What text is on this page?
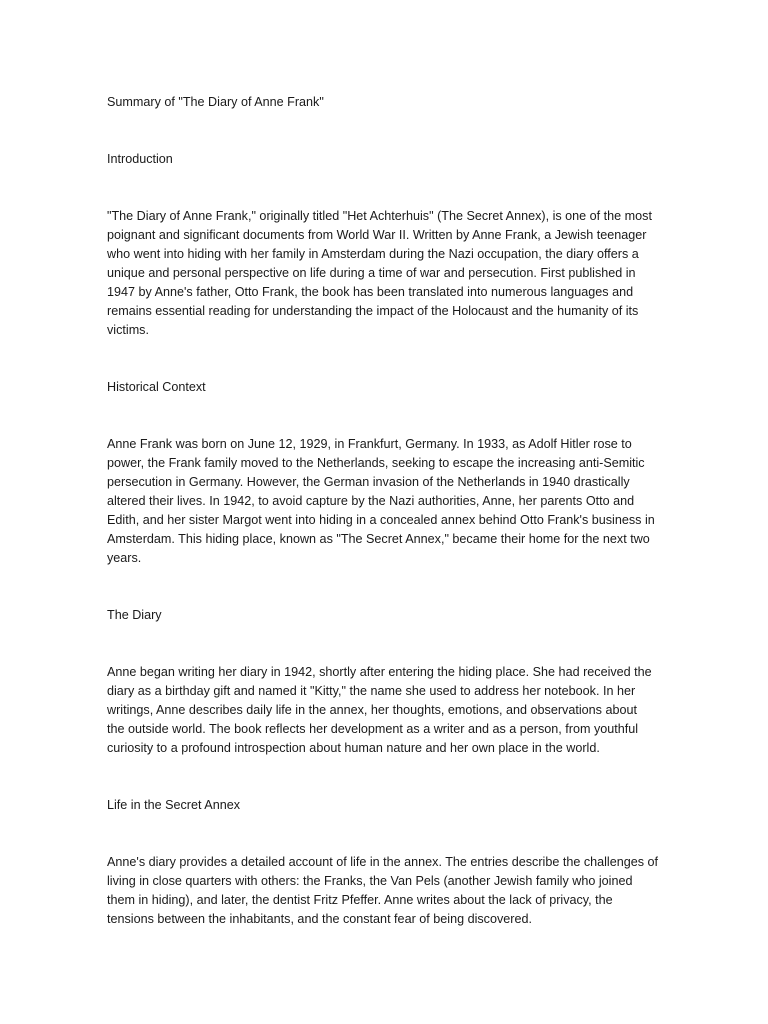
Summary of "The Diary of Anne Frank"

Introduction

"The Diary of Anne Frank," originally titled "Het Achterhuis" (The Secret Annex), is one of the most

poignant and significant documents from World War II. Written by Anne Frank, a Jewish teenager

who went into hiding with her family in Amsterdam during the Nazi occupation, the diary offers a

unique and personal perspective on life during a time of war and persecution. First published in

1947 by Anne's father, Otto Frank, the book has been translated into numerous languages and

remains essential reading for understanding the impact of the Holocaust and the humanity of its

victims.

Historical Context

Anne Frank was born on June 12, 1929, in Frankfurt, Germany. In 1933, as Adolf Hitler rose to

power, the Frank family moved to the Netherlands, seeking to escape the increasing anti-Semitic

persecution in Germany. However, the German invasion of the Netherlands in 1940 drastically

altered their lives. In 1942, to avoid capture by the Nazi authorities, Anne, her parents Otto and

Edith, and her sister Margot went into hiding in a concealed annex behind Otto Frank's business in

Amsterdam. This hiding place, known as "The Secret Annex," became their home for the next two

years.

The Diary

Anne began writing her diary in 1942, shortly after entering the hiding place. She had received the

diary as a birthday gift and named it "Kitty," the name she used to address her notebook. In her

writings, Anne describes daily life in the annex, her thoughts, emotions, and observations about

the outside world. The book reflects her development as a writer and as a person, from youthful

curiosity to a profound introspection about human nature and her own place in the world.

Life in the Secret Annex

Anne's diary provides a detailed account of life in the annex. The entries describe the challenges of

living in close quarters with others: the Franks, the Van Pels (another Jewish family who joined

them in hiding), and later, the dentist Fritz Pfeffer. Anne writes about the lack of privacy, the

tensions between the inhabitants, and the constant fear of being discovered.
